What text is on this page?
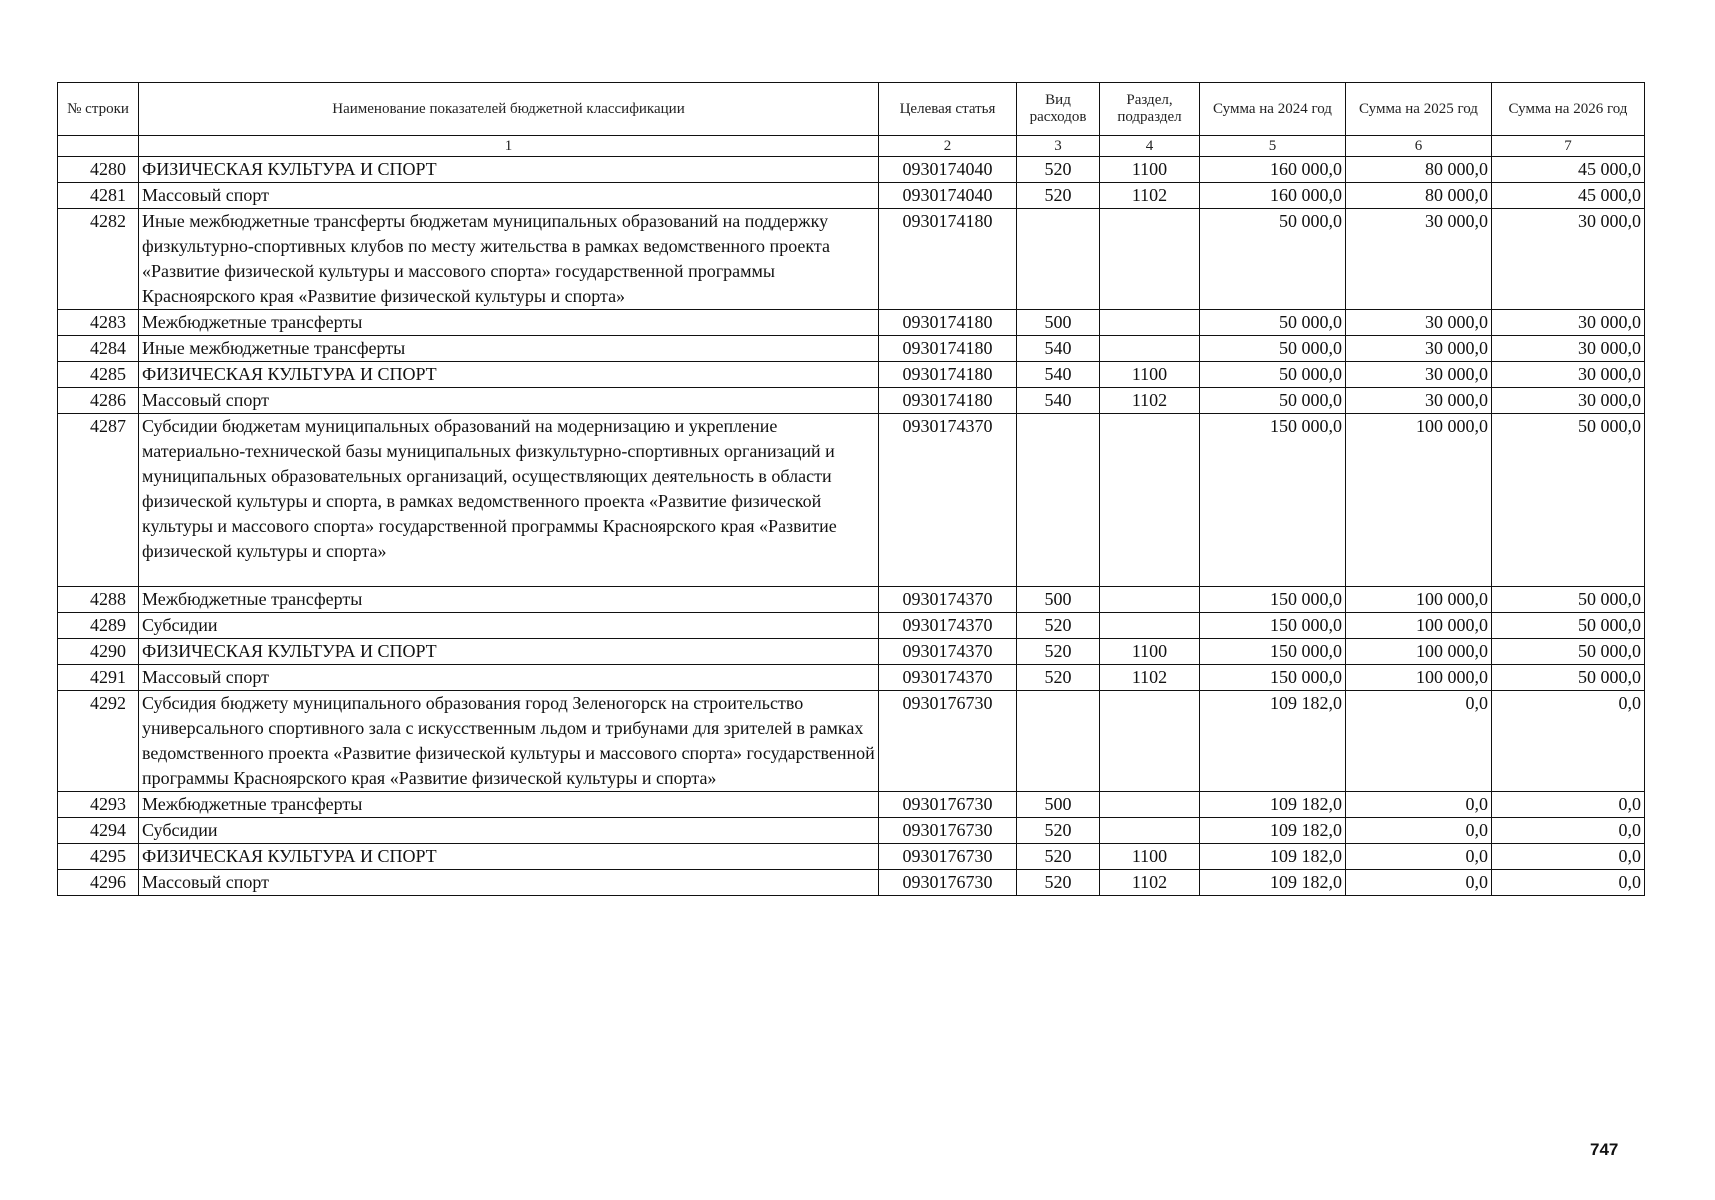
№ строки	Наименование показателей бюджетной классификации	Целевая статья	Вид расходов	Раздел, подраздел	Сумма на 2024 год	Сумма на 2025 год	Сумма на 2026 год
	1	2	3	4	5	6	7
4280	ФИЗИЧЕСКАЯ КУЛЬТУРА И СПОРТ	0930174040	520	1100	160 000,0	80 000,0	45 000,0
4281	Массовый спорт	0930174040	520	1102	160 000,0	80 000,0	45 000,0
4282	Иные межбюджетные трансферты бюджетам муниципальных образований на поддержку физкультурно-спортивных клубов по месту жительства в рамках ведомственного проекта «Развитие физической культуры и массового спорта» государственной программы Красноярского края «Развитие физической культуры и спорта»	0930174180			50 000,0	30 000,0	30 000,0
4283	Межбюджетные трансферты	0930174180	500		50 000,0	30 000,0	30 000,0
4284	Иные межбюджетные трансферты	0930174180	540		50 000,0	30 000,0	30 000,0
4285	ФИЗИЧЕСКАЯ КУЛЬТУРА И СПОРТ	0930174180	540	1100	50 000,0	30 000,0	30 000,0
4286	Массовый спорт	0930174180	540	1102	50 000,0	30 000,0	30 000,0
4287	Субсидии бюджетам муниципальных образований на модернизацию и укрепление материально-технической базы муниципальных физкультурно-спортивных организаций и муниципальных образовательных организаций, осуществляющих деятельность в области физической культуры и спорта, в рамках ведомственного проекта «Развитие физической культуры и массового спорта» государственной программы Красноярского края «Развитие физической культуры и спорта»	0930174370			150 000,0	100 000,0	50 000,0
4288	Межбюджетные трансферты	0930174370	500		150 000,0	100 000,0	50 000,0
4289	Субсидии	0930174370	520		150 000,0	100 000,0	50 000,0
4290	ФИЗИЧЕСКАЯ КУЛЬТУРА И СПОРТ	0930174370	520	1100	150 000,0	100 000,0	50 000,0
4291	Массовый спорт	0930174370	520	1102	150 000,0	100 000,0	50 000,0
4292	Субсидия бюджету муниципального образования город Зеленогорск на строительство универсального спортивного зала с искусственным льдом и трибунами для зрителей в рамках ведомственного проекта «Развитие физической культуры и массового спорта» государственной программы Красноярского края «Развитие физической культуры и спорта»	0930176730			109 182,0	0,0	0,0
4293	Межбюджетные трансферты	0930176730	500		109 182,0	0,0	0,0
4294	Субсидии	0930176730	520		109 182,0	0,0	0,0
4295	ФИЗИЧЕСКАЯ КУЛЬТУРА И СПОРТ	0930176730	520	1100	109 182,0	0,0	0,0
4296	Массовый спорт	0930176730	520	1102	109 182,0	0,0	0,0
747
